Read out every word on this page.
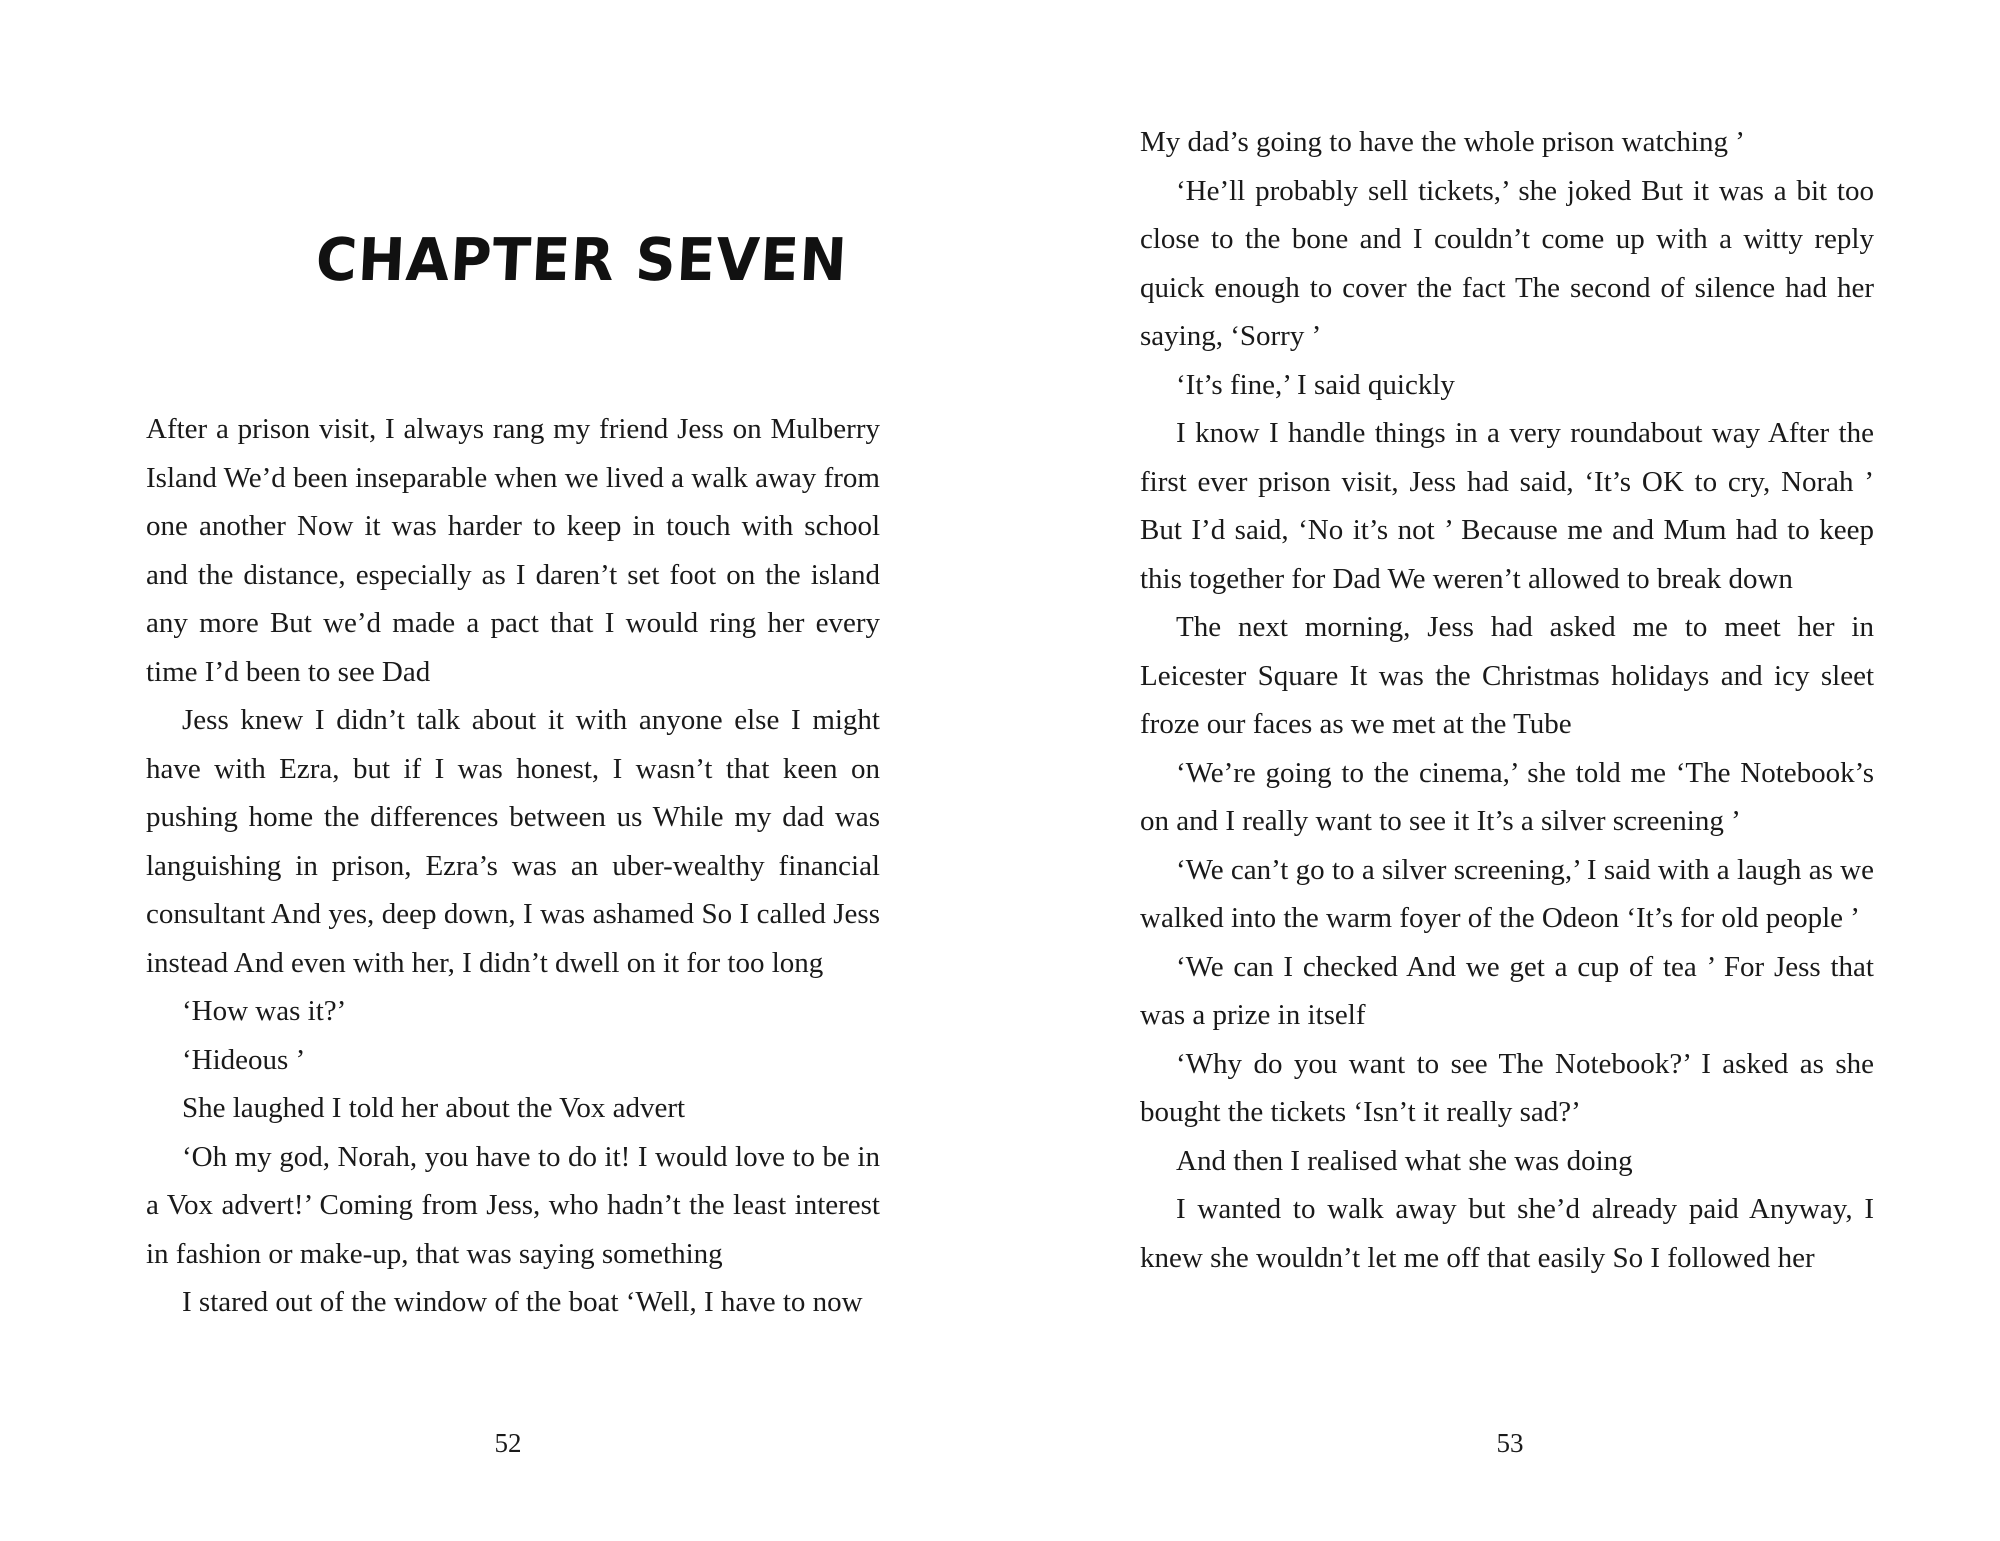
CHAPTER SEVEN

After a prison visit, I always rang my friend Jess on Mulberry Island We’d been inseparable when we lived a walk away from one another Now it was harder to keep in touch with school and the distance, especially as I daren’t set foot on the island any more But we’d made a pact that I would ring her every time I’d been to see Dad

Jess knew I didn’t talk about it with anyone else I might have with Ezra, but if I was honest, I wasn’t that keen on pushing home the differences between us While my dad was languishing in prison, Ezra’s was an uber-wealthy financial consultant And yes, deep down, I was ashamed So I called Jess instead And even with her, I didn’t dwell on it for too long

‘How was it?’

‘Hideous ’

She laughed I told her about the Vox advert

‘Oh my god, Norah, you have to do it! I would love to be in a Vox advert!’ Coming from Jess, who hadn’t the least interest in fashion or make-up, that was saying something

I stared out of the window of the boat ‘Well, I have to now

52

My dad’s going to have the whole prison watching ’

‘He’ll probably sell tickets,’ she joked But it was a bit too close to the bone and I couldn’t come up with a witty reply quick enough to cover the fact The second of silence had her saying, ‘Sorry ’

‘It’s fine,’ I said quickly

I know I handle things in a very roundabout way After the first ever prison visit, Jess had said, ‘It’s OK to cry, Norah ’ But I’d said, ‘No it’s not ’ Because me and Mum had to keep this together for Dad We weren’t allowed to break down

The next morning, Jess had asked me to meet her in Leicester Square It was the Christmas holidays and icy sleet froze our faces as we met at the Tube

‘We’re going to the cinema,’ she told me ‘The Notebook’s on and I really want to see it It’s a silver screening ’

‘We can’t go to a silver screening,’ I said with a laugh as we walked into the warm foyer of the Odeon ‘It’s for old people ’

‘We can I checked And we get a cup of tea ’ For Jess that was a prize in itself

‘Why do you want to see The Notebook?’ I asked as she bought the tickets ‘Isn’t it really sad?’

And then I realised what she was doing

I wanted to walk away but she’d already paid Anyway, I knew she wouldn’t let me off that easily So I followed her

53
